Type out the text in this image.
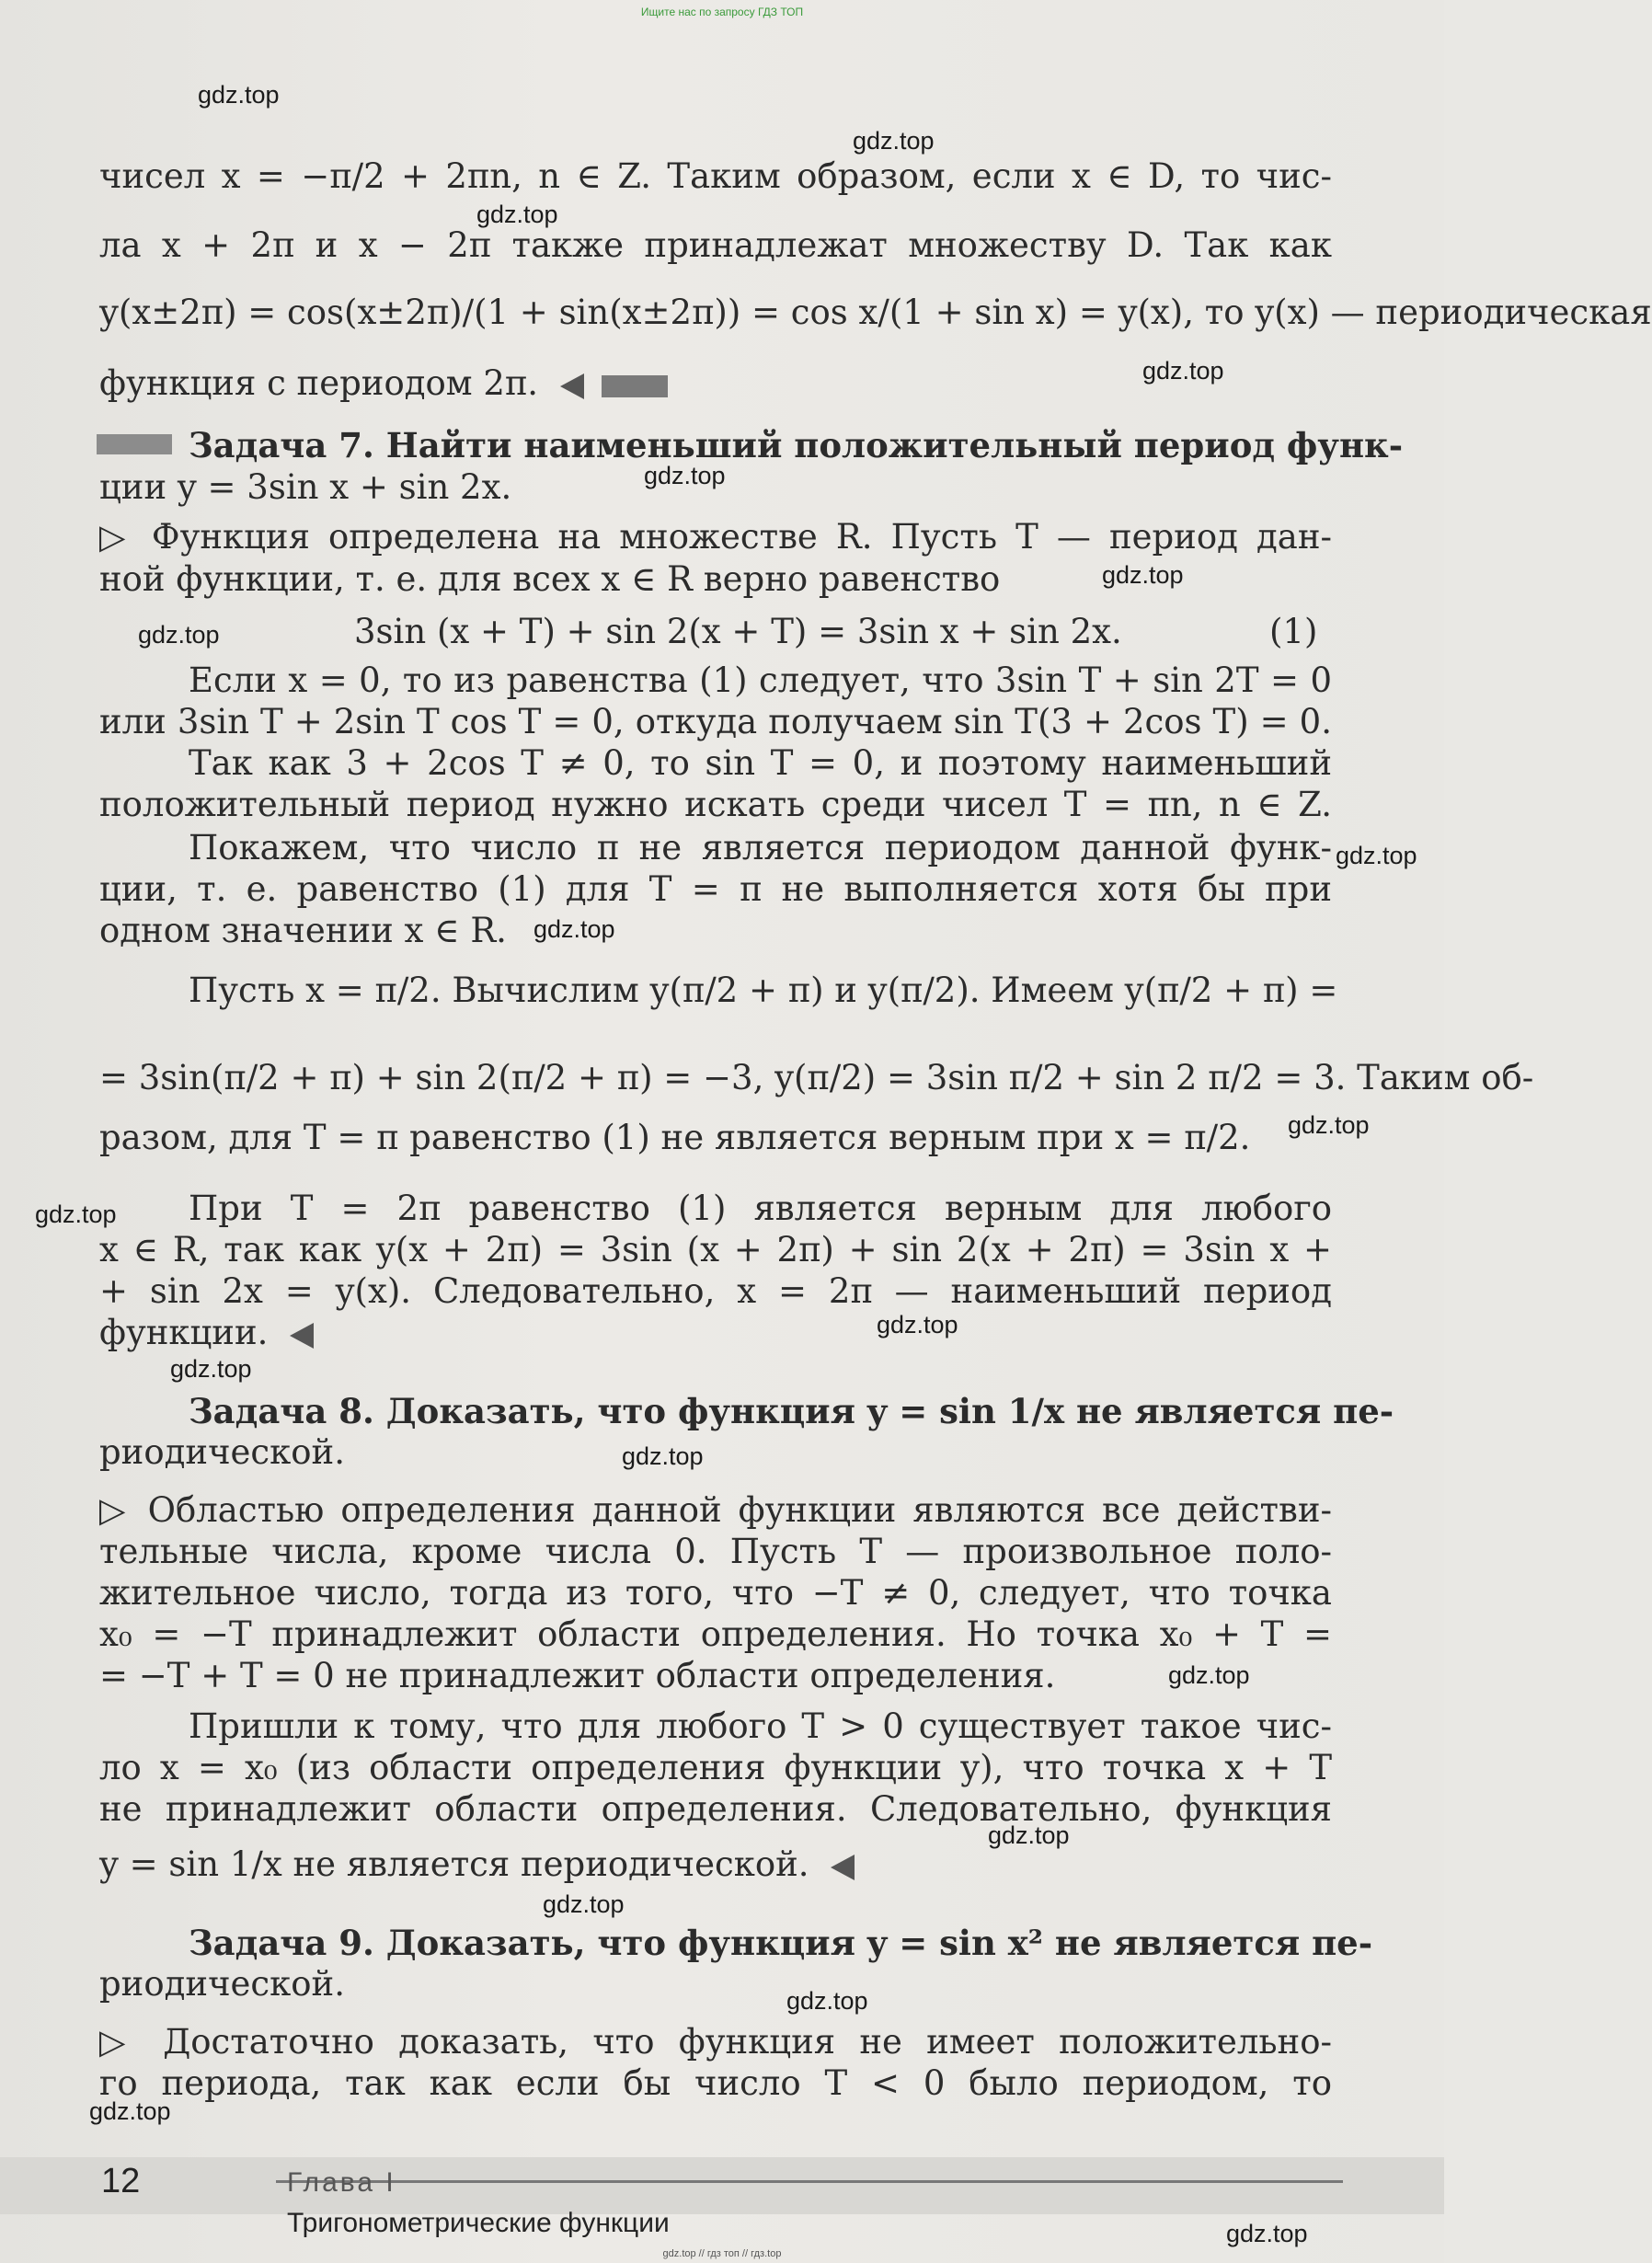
Ищите нас по запросу ГДЗ ТОП
чисел x = −π/2 + 2πn, n ∈ Z. Таким образом, если x ∈ D, то чис-
ла x + 2π и x − 2π также принадлежат множеству D. Так как
y(x±2π) = cos(x±2π)/(1 + sin(x±2π)) = cos x/(1 + sin x) = y(x), то y(x) — периодическая
функция с периодом 2π.
Задача 7. Найти наименьший положительный период функ-
ции y = 3sin x + sin 2x.
▷ Функция определена на множестве R. Пусть T — период дан-
ной функции, т. е. для всех x ∈ R верно равенство
3sin (x + T) + sin 2(x + T) = 3sin x + sin 2x.	(1)
Если x = 0, то из равенства (1) следует, что 3sin T + sin 2T = 0
или 3sin T + 2sin T cos T = 0, откуда получаем sin T(3 + 2cos T) = 0.
Так как 3 + 2cos T ≠ 0, то sin T = 0, и поэтому наименьший
положительный период нужно искать среди чисел T = πn, n ∈ Z.
Покажем, что число π не является периодом данной функ-
ции, т. е. равенство (1) для T = π не выполняется хотя бы при
одном значении x ∈ R.
Пусть x = π/2. Вычислим y(π/2 + π) и y(π/2). Имеем y(π/2 + π) =
= 3sin(π/2 + π) + sin 2(π/2 + π) = −3, y(π/2) = 3sin π/2 + sin 2 π/2 = 3. Таким об-
разом, для T = π равенство (1) не является верным при x = π/2.
При T = 2π равенство (1) является верным для любого
x ∈ R, так как y(x + 2π) = 3sin (x + 2π) + sin 2(x + 2π) = 3sin x +
+ sin 2x = y(x). Следовательно, x = 2π — наименьший период
функции.
Задача 8. Доказать, что функция y = sin 1/x не является пе-
риодической.
▷ Областью определения данной функции являются все действи-
тельные числа, кроме числа 0. Пусть T — произвольное поло-
жительное число, тогда из того, что −T ≠ 0, следует, что точка
x₀ = −T принадлежит области определения. Но точка x₀ + T =
= −T + T = 0 не принадлежит области определения.
Пришли к тому, что для любого T > 0 существует такое чис-
ло x = x₀ (из области определения функции y), что точка x + T
не принадлежит области определения. Следовательно, функция
y = sin 1/x не является периодической.
Задача 9. Доказать, что функция y = sin x² не является пе-
риодической.
▷ Достаточно доказать, что функция не имеет положительно-
го периода, так как если бы число T < 0 было периодом, то
gdz.top
gdz.top
gdz.top
gdz.top
gdz.top
gdz.top
gdz.top
gdz.top
gdz.top
gdz.top
gdz.top
gdz.top
gdz.top
gdz.top
gdz.top
gdz.top
gdz.top
gdz.top
gdz.top
gdz.top
12	Глава I
Тригонометрические функции
gdz.top // гдз топ // гдз.top
